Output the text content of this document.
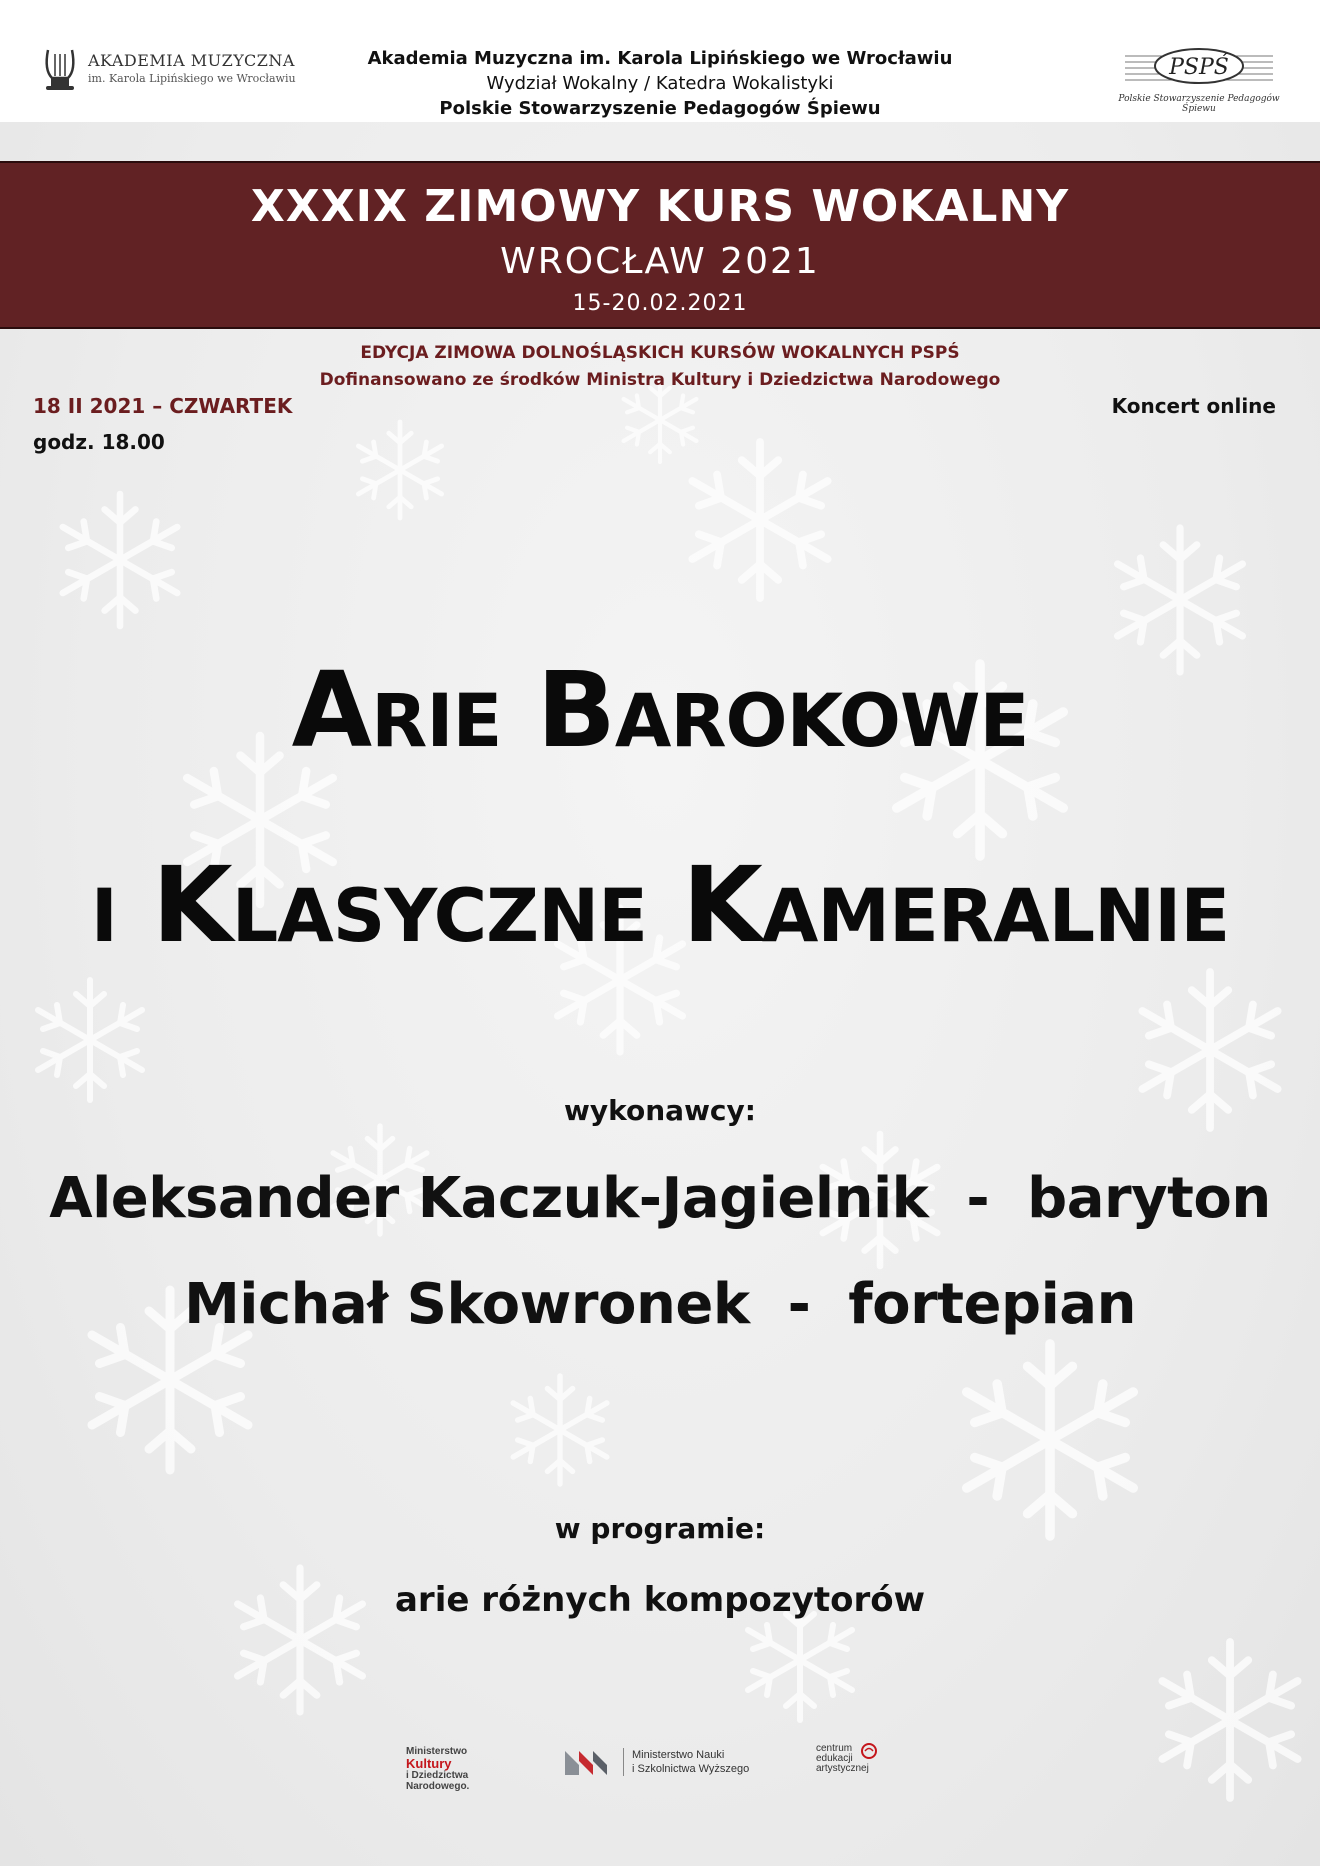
AKADEMIA MUZYCZNA
im. Karola Lipińskiego we Wrocławiu
Akademia Muzyczna im. Karola Lipińskiego we Wrocławiu
Wydział Wokalny / Katedra Wokalistyki
Polskie Stowarzyszenie Pedagogów Śpiewu
PSPŚ
Polskie Stowarzyszenie Pedagogów Śpiewu
XXXIX ZIMOWY KURS WOKALNY
WROCŁAW 2021
15-20.02.2021
EDYCJA ZIMOWA DOLNOŚLĄSKICH KURSÓW WOKALNYCH PSPŚ
Dofinansowano ze środków Ministra Kultury i Dziedzictwa Narodowego
18 II 2021 – CZWARTEK
godz. 18.00
Koncert online
Arie Barokowe
i Klasyczne Kameralnie
wykonawcy:
Aleksander Kaczuk-Jagielnik  -  baryton
Michał Skowronek  -  fortepian
w programie:
arie różnych kompozytorów
Ministerstwo
Kultury
i Dziedzictwa
Narodowego.
Ministerstwo Nauki
i Szkolnictwa Wyższego
centrum
edukacji
artystycznej
